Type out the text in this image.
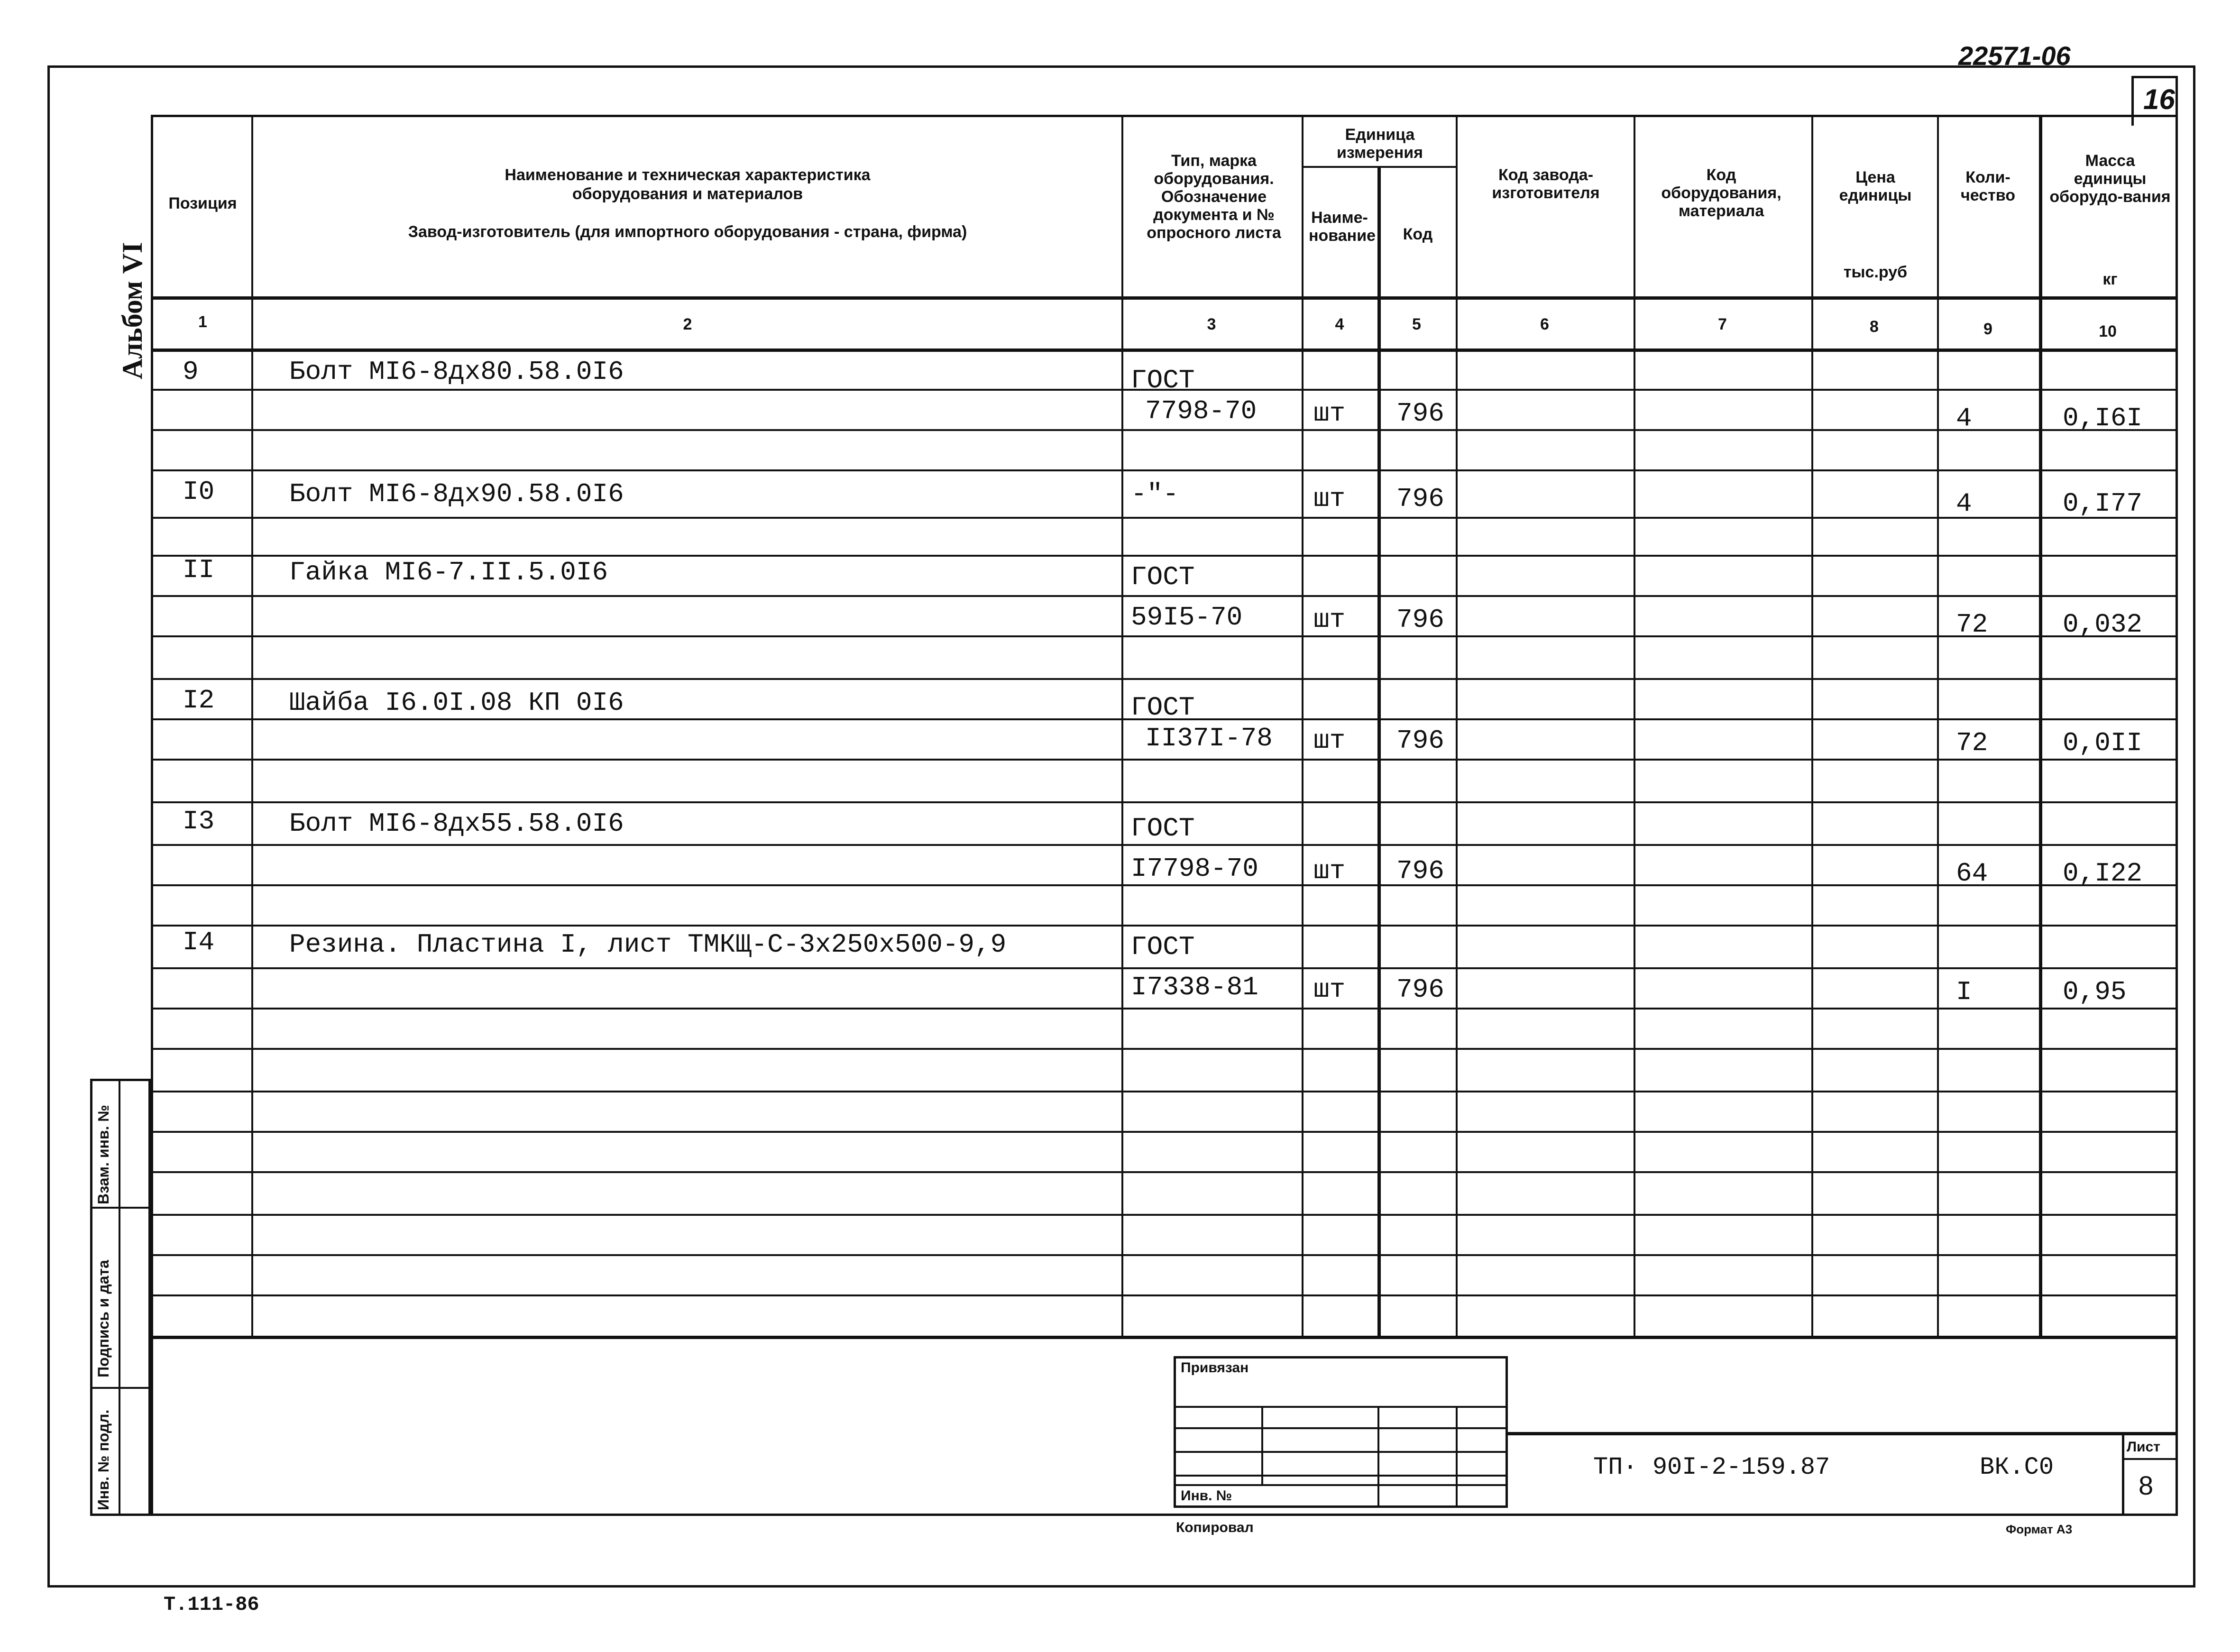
22571-06
16
Альбом VI
Позиция
Наименование и техническая характеристика
оборудования и материалов
Завод-изготовитель (для импортного оборудования - страна, фирма)
Тип, марка оборудования. Обозначение документа и № опросного листа
Единица измерения
Наиме-нование	Код
Код завода-изготовителя
Код оборудования, материала
Цена единицы
тыс.руб
Коли-чество
Масса единицы оборудо-вания
кг
1	2	3	4	5	6	7	8	9	10
9	Болт МI6-8дх80.58.0I6	ГОСТ
7798-70 шт 796	4	0,I6I
I0	Болт МI6-8дх90.58.0I6	-"-	шт 796	4	0,I77
II	Гайка МI6-7.II.5.0I6	ГОСТ
59I5-70	шт 796	72	0,032
I2	Шайба I6.0I.08 КП 0I6	ГОСТ
II37I-78 шт 796	72	0,0II
I3	Болт МI6-8дх55.58.0I6	ГОСТ
I7798-70 шт 796	64	0,I22
I4	Резина. Пластина I, лист ТМКЩ-С-3х250х500-9,9	ГОСТ
I7338-81 шт 796	I	0,95
Взам. инв. №
Подпись и дата
Инв. № подл.
Привязан
Инв. №
ТП· 90I-2-159.87	ВК.С0
Лист
8
Копировал	Формат А3
Т.111-86
